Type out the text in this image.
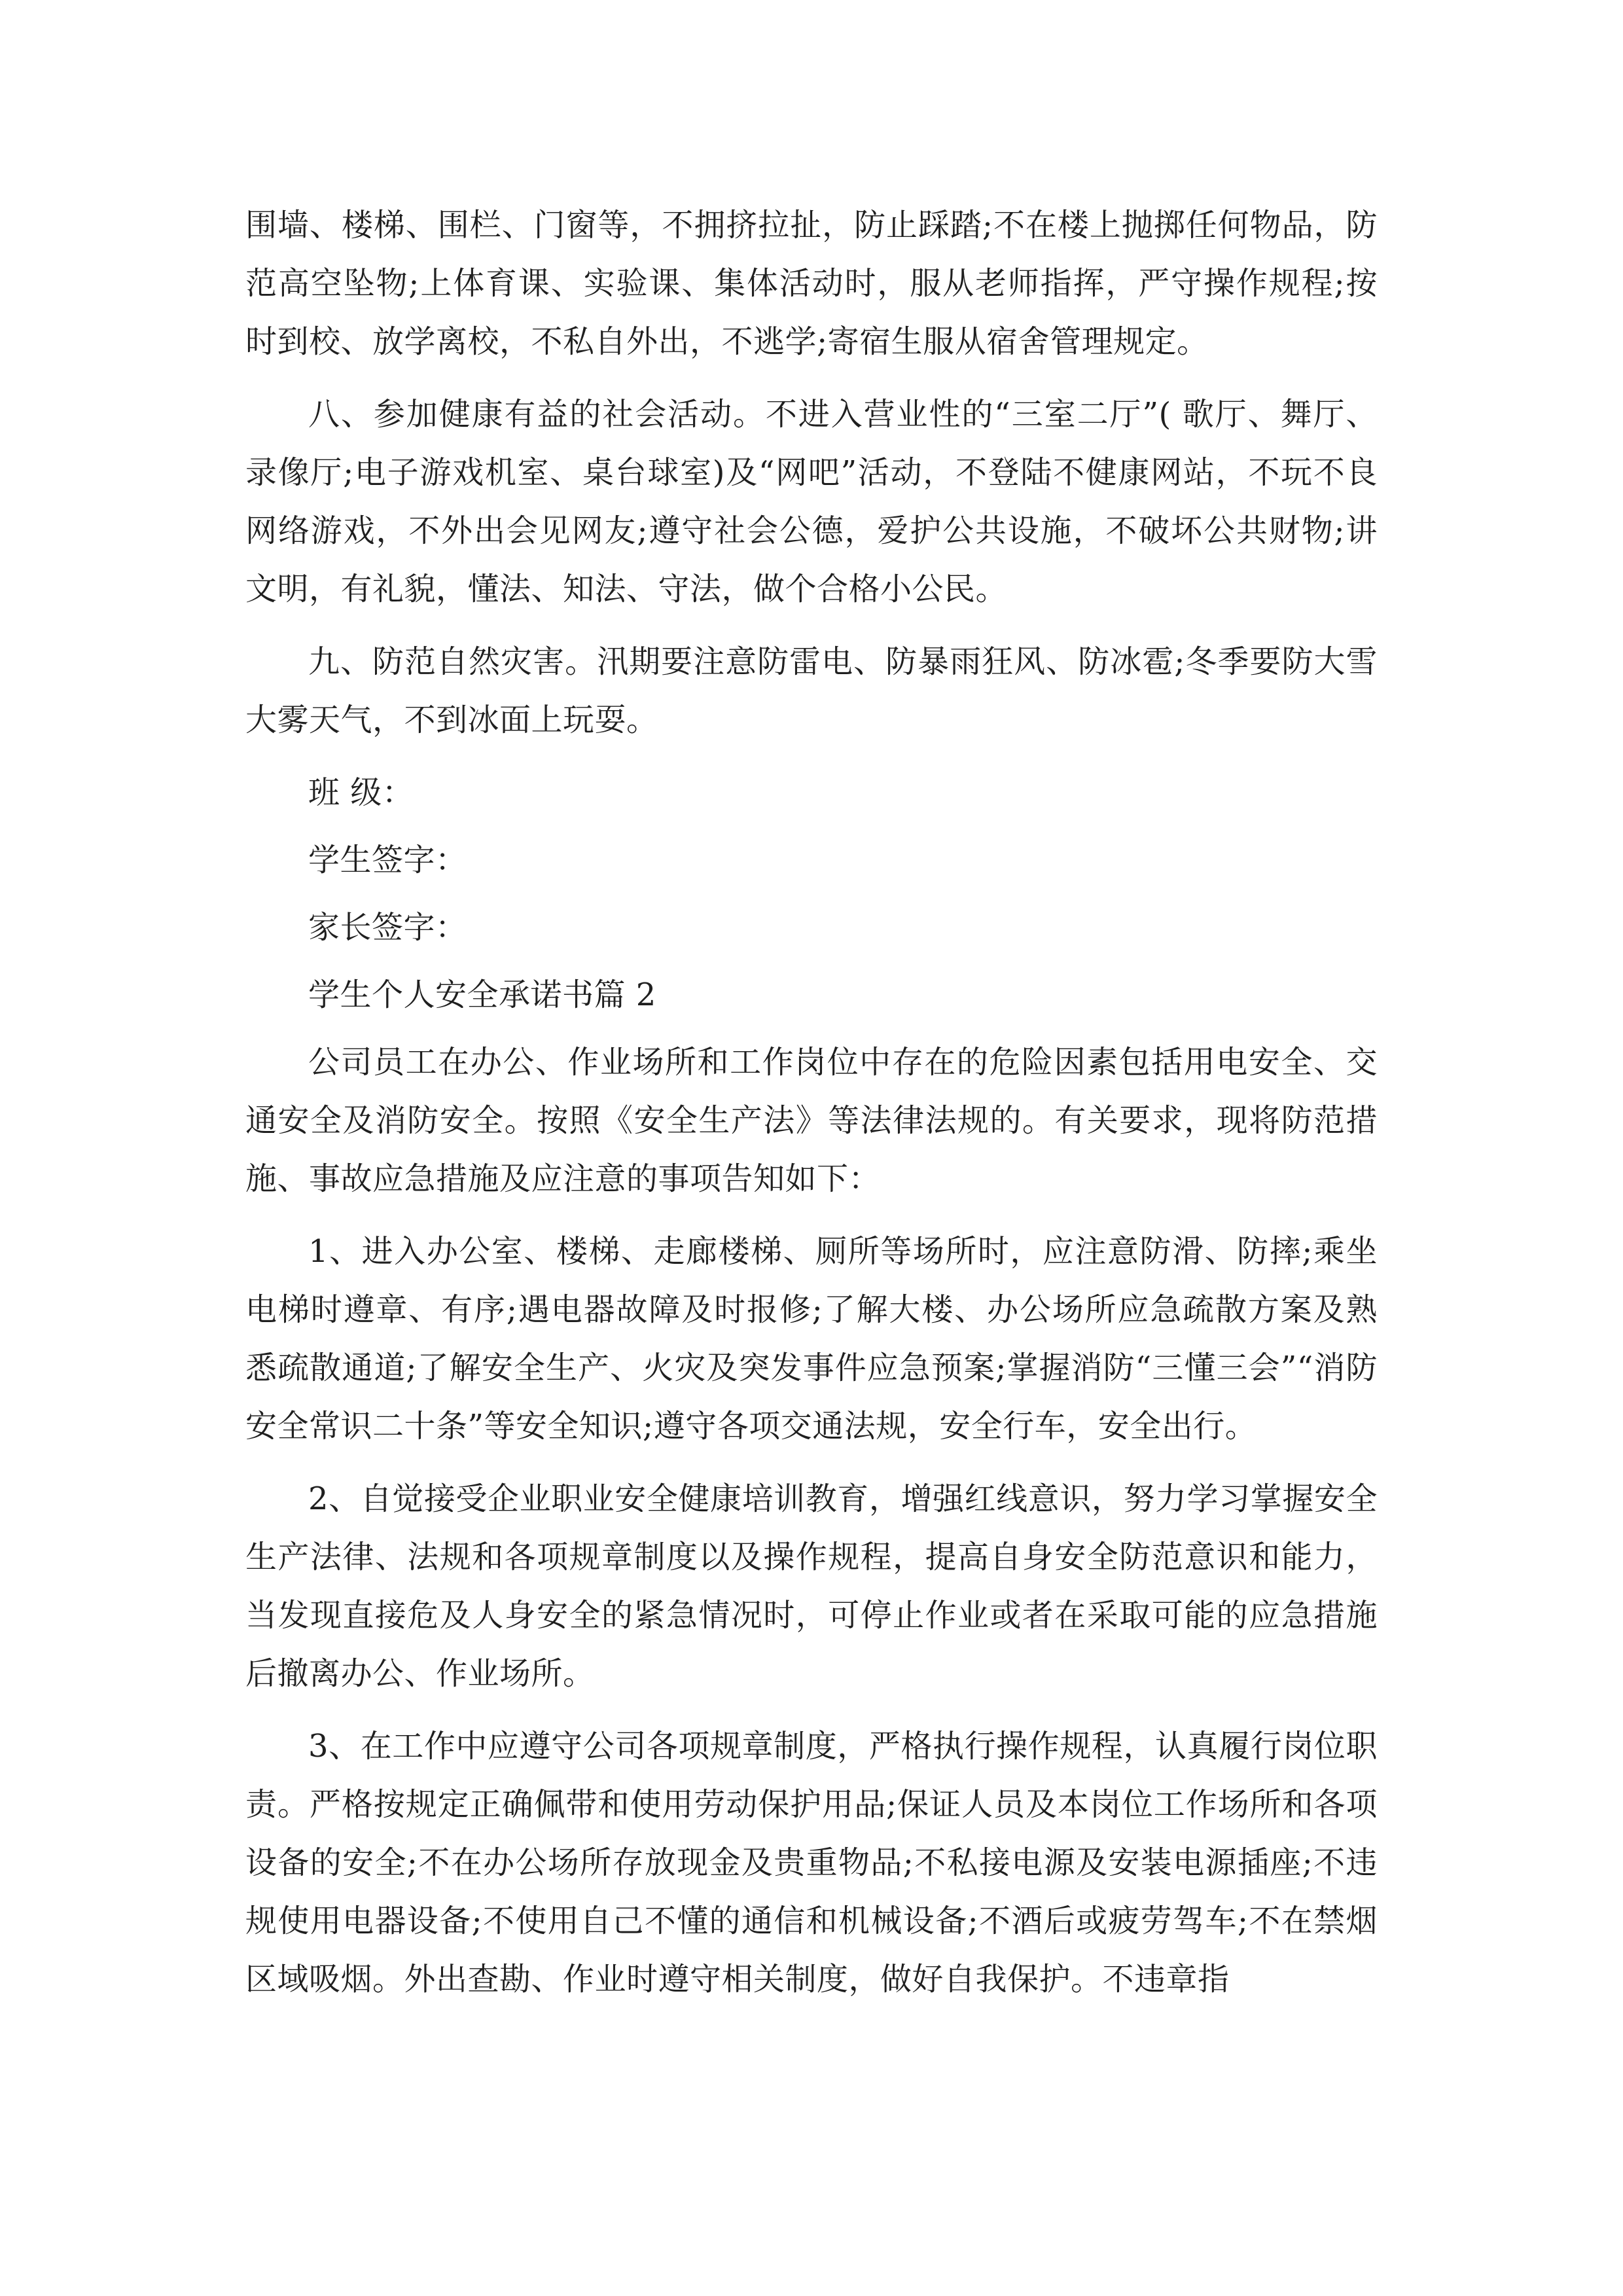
围墙、楼梯、围栏、门窗等，不拥挤拉扯，防止踩踏;不在楼上抛掷任何物品，防范高空坠物;上体育课、实验课、集体活动时，服从老师指挥，严守操作规程;按时到校、放学离校，不私自外出，不逃学;寄宿生服从宿舍管理规定。

八、参加健康有益的社会活动。不进入营业性的“三室二厅”( 歌厅、舞厅、录像厅;电子游戏机室、桌台球室)及“网吧”活动，不登陆不健康网站，不玩不良网络游戏，不外出会见网友;遵守社会公德，爱护公共设施，不破坏公共财物;讲文明，有礼貌，懂法、知法、守法，做个合格小公民。

九、防范自然灾害。汛期要注意防雷电、防暴雨狂风、防冰雹;冬季要防大雪大雾天气，不到冰面上玩耍。

班 级：

学生签字：

家长签字：

学生个人安全承诺书篇 2

公司员工在办公、作业场所和工作岗位中存在的危险因素包括用电安全、交通安全及消防安全。按照《安全生产法》等法律法规的。有关要求，现将防范措施、事故应急措施及应注意的事项告知如下：

1、进入办公室、楼梯、走廊楼梯、厕所等场所时，应注意防滑、防摔;乘坐电梯时遵章、有序;遇电器故障及时报修;了解大楼、办公场所应急疏散方案及熟悉疏散通道;了解安全生产、火灾及突发事件应急预案;掌握消防“三懂三会”“消防安全常识二十条”等安全知识;遵守各项交通法规，安全行车，安全出行。

2、自觉接受企业职业安全健康培训教育，增强红线意识，努力学习掌握安全生产法律、法规和各项规章制度以及操作规程，提高自身安全防范意识和能力，当发现直接危及人身安全的紧急情况时，可停止作业或者在采取可能的应急措施后撤离办公、作业场所。

3、在工作中应遵守公司各项规章制度，严格执行操作规程，认真履行岗位职责。严格按规定正确佩带和使用劳动保护用品;保证人员及本岗位工作场所和各项设备的安全;不在办公场所存放现金及贵重物品;不私接电源及安装电源插座;不违规使用电器设备;不使用自己不懂的通信和机械设备;不酒后或疲劳驾车;不在禁烟区域吸烟。外出查勘、作业时遵守相关制度，做好自我保护。不违章指
